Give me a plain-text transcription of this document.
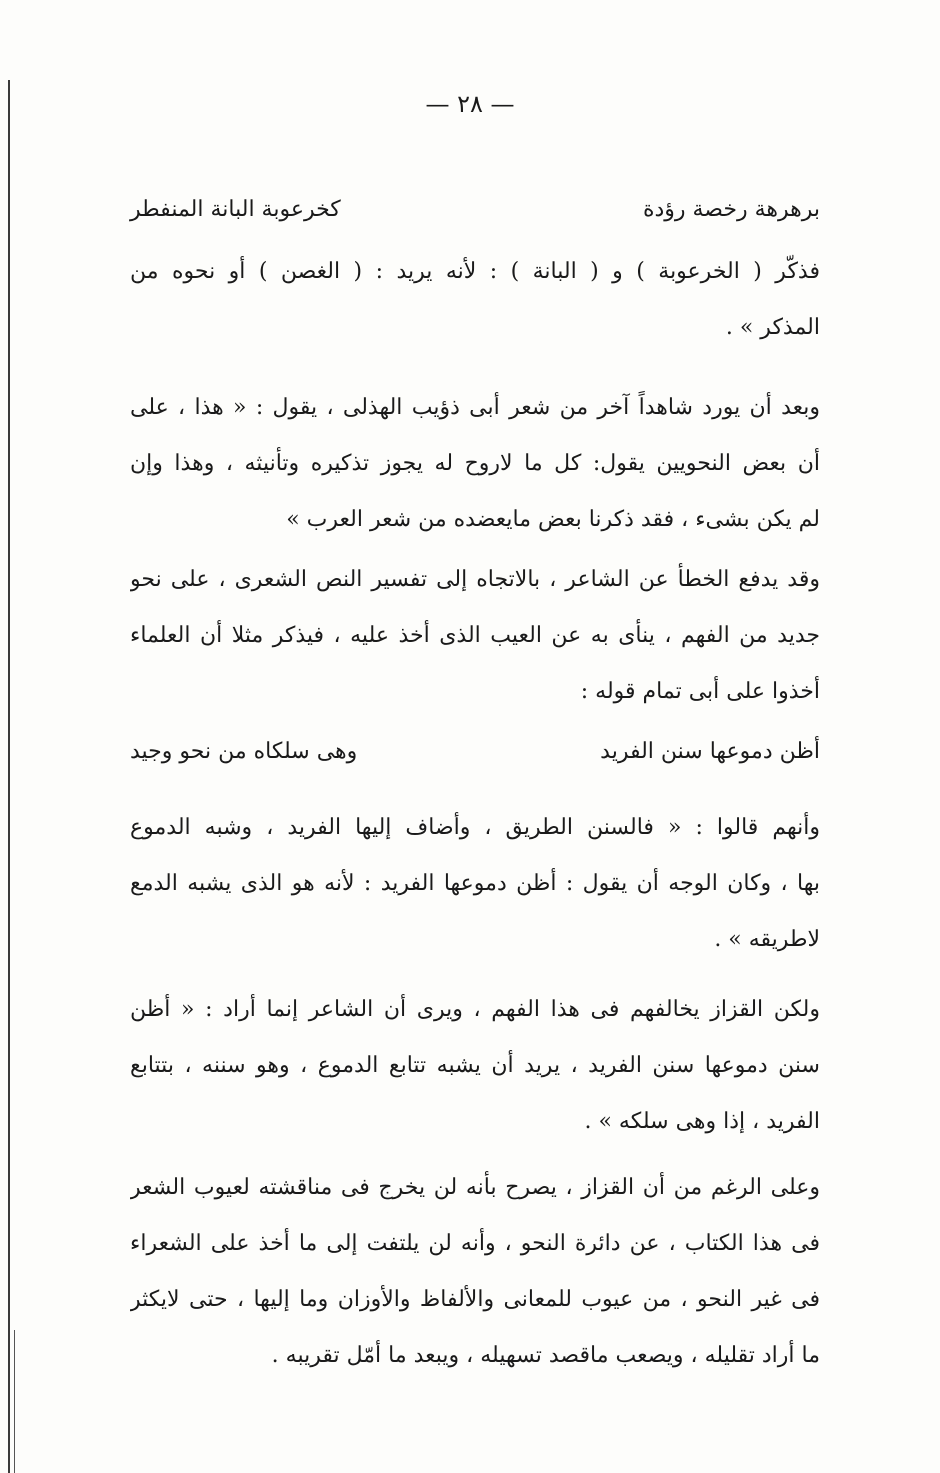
— ٢٨ —
برهرهة رخصة رؤدة
كخرعوبة البانة المنفطر
فذكّر ( الخرعوبة ) و ( البانة ) : لأنه يريد : ( الغصن ) أو نحوه من
المذكر » .
وبعد أن يورد شاهداً آخر من شعر أبى ذؤيب الهذلى ، يقول : « هذا ، على
أن بعض النحويين يقول: كل ما لاروح له يجوز تذكيره وتأنيثه ، وهذا وإن
لم يكن بشىء ، فقد ذكرنا بعض مايعضده من شعر العرب »
وقد يدفع الخطأ عن الشاعر ، بالاتجاه إلى تفسير النص الشعرى ، على نحو
جديد من الفهم ، ينأى به عن العيب الذى أخذ عليه ، فيذكر مثلا أن العلماء
أخذوا على أبى تمام قوله :
أظن دموعها سنن الفريد
وهى سلكاه من نحو وجيد
وأنهم قالوا : « فالسنن الطريق ، وأضاف إليها الفريد ، وشبه الدموع
بها ، وكان الوجه أن يقول : أظن دموعها الفريد : لأنه هو الذى يشبه الدمع
لاطريقه » .
ولكن القزاز يخالفهم فى هذا الفهم ، ويرى أن الشاعر إنما أراد : « أظن
سنن دموعها سنن الفريد ، يريد أن يشبه تتابع الدموع ، وهو سننه ، بتتابع
الفريد ، إذا وهى سلكه » .
وعلى الرغم من أن القزاز ، يصرح بأنه لن يخرج فى مناقشته لعيوب الشعر
فى هذا الكتاب ، عن دائرة النحو ، وأنه لن يلتفت إلى ما أخذ على الشعراء
فى غير النحو ، من عيوب للمعانى والألفاظ والأوزان وما إليها ، حتى لايكثر
ما أراد تقليله ، ويصعب ماقصد تسهيله ، ويبعد ما أمّل تقريبه .
